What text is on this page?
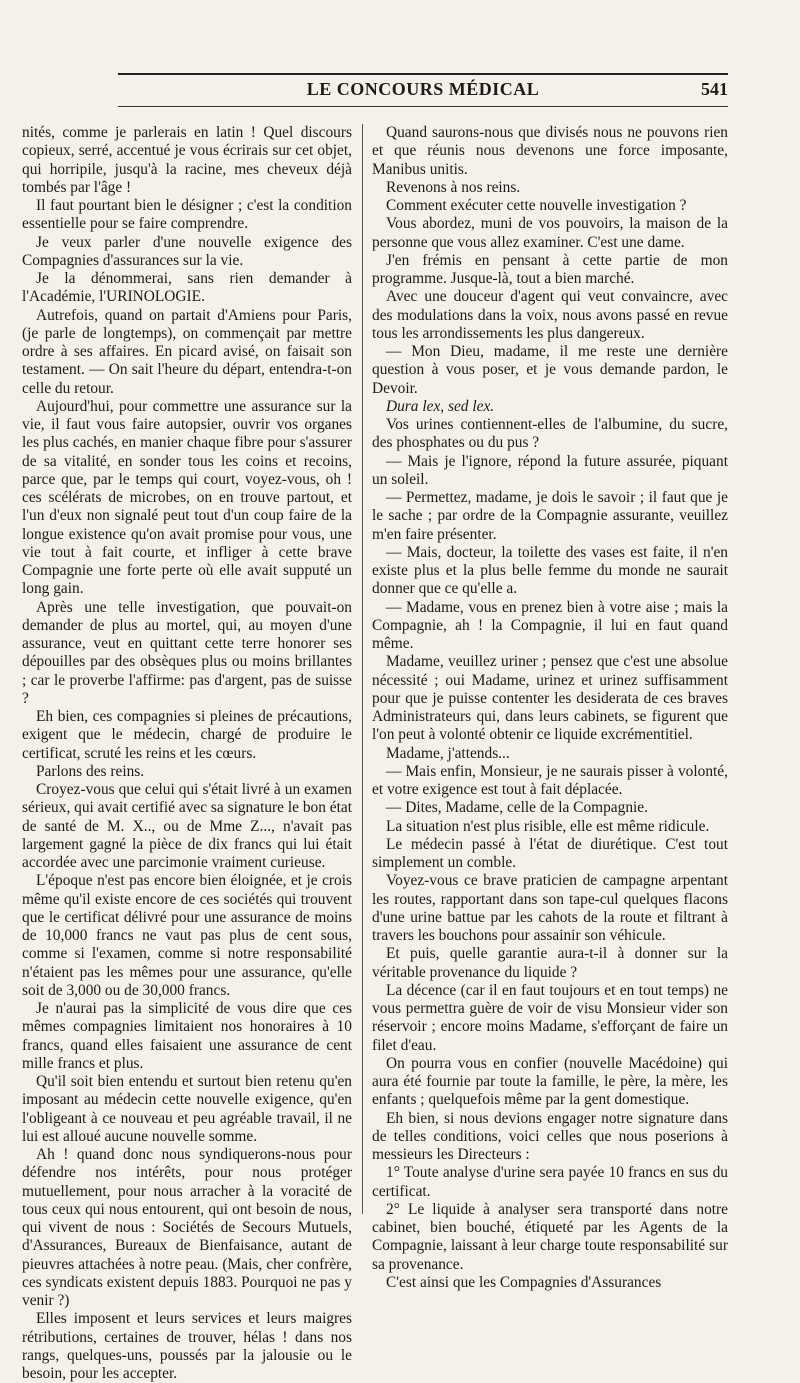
LE CONCOURS MÉDICAL	541

nités, comme je parlerais en latin ! Quel discours copieux, serré, accentué je vous écrirais sur cet objet, qui horripile, jusqu'à la racine, mes cheveux déjà tombés par l'âge !

Il faut pourtant bien le désigner ; c'est la condition essentielle pour se faire comprendre.

Je veux parler d'une nouvelle exigence des Compagnies d'assurances sur la vie.

Je la dénommerai, sans rien demander à l'Académie, l'URINOLOGIE.

Autrefois, quand on partait d'Amiens pour Paris, (je parle de longtemps), on commençait par mettre ordre à ses affaires. En picard avisé, on faisait son testament. — On sait l'heure du départ, entendra-t-on celle du retour.

Aujourd'hui, pour commettre une assurance sur la vie, il faut vous faire autopsier, ouvrir vos organes les plus cachés, en manier chaque fibre pour s'assurer de sa vitalité, en sonder tous les coins et recoins, parce que, par le temps qui court, voyez-vous, oh ! ces scélérats de microbes, on en trouve partout, et l'un d'eux non signalé peut tout d'un coup faire de la longue existence qu'on avait promise pour vous, une vie tout à fait courte, et infliger à cette brave Compagnie une forte perte où elle avait supputé un long gain.

Après une telle investigation, que pouvait-on demander de plus au mortel, qui, au moyen d'une assurance, veut en quittant cette terre honorer ses dépouilles par des obsèques plus ou moins brillantes ; car le proverbe l'affirme: pas d'argent, pas de suisse ?

Eh bien, ces compagnies si pleines de précautions, exigent que le médecin, chargé de produire le certificat, scruté les reins et les cœurs.

Parlons des reins.

Croyez-vous que celui qui s'était livré à un examen sérieux, qui avait certifié avec sa signature le bon état de santé de M. X.., ou de Mme Z..., n'avait pas largement gagné la pièce de dix francs qui lui était accordée avec une parcimonie vraiment curieuse.

L'époque n'est pas encore bien éloignée, et je crois même qu'il existe encore de ces sociétés qui trouvent que le certificat délivré pour une assurance de moins de 10,000 francs ne vaut pas plus de cent sous, comme si l'examen, comme si notre responsabilité n'étaient pas les mêmes pour une assurance, qu'elle soit de 3,000 ou de 30,000 francs.

Je n'aurai pas la simplicité de vous dire que ces mêmes compagnies limitaient nos honoraires à 10 francs, quand elles faisaient une assurance de cent mille francs et plus.

Qu'il soit bien entendu et surtout bien retenu qu'en imposant au médecin cette nouvelle exigence, qu'en l'obligeant à ce nouveau et peu agréable travail, il ne lui est alloué aucune nouvelle somme.

Ah ! quand donc nous syndiquerons-nous pour défendre nos intérêts, pour nous protéger mutuellement, pour nous arracher à la voracité de tous ceux qui nous entourent, qui ont besoin de nous, qui vivent de nous : Sociétés de Secours Mutuels, d'Assurances, Bureaux de Bienfaisance, autant de pieuvres attachées à notre peau. (Mais, cher confrère, ces syndicats existent depuis 1883. Pourquoi ne pas y venir ?)

Elles imposent et leurs services et leurs maigres rétributions, certaines de trouver, hélas ! dans nos rangs, quelques-uns, poussés par la jalousie ou le besoin, pour les accepter.

Quand saurons-nous que divisés nous ne pouvons rien et que réunis nous devenons une force imposante, Manibus unitis.

Revenons à nos reins.

Comment exécuter cette nouvelle investigation ?

Vous abordez, muni de vos pouvoirs, la maison de la personne que vous allez examiner. C'est une dame.

J'en frémis en pensant à cette partie de mon programme. Jusque-là, tout a bien marché.

Avec une douceur d'agent qui veut convaincre, avec des modulations dans la voix, nous avons passé en revue tous les arrondissements les plus dangereux.

— Mon Dieu, madame, il me reste une dernière question à vous poser, et je vous demande pardon, le Devoir.

Dura lex, sed lex.

Vos urines contiennent-elles de l'albumine, du sucre, des phosphates ou du pus ?

— Mais je l'ignore, répond la future assurée, piquant un soleil.

— Permettez, madame, je dois le savoir ; il faut que je le sache ; par ordre de la Compagnie assurante, veuillez m'en faire présenter.

— Mais, docteur, la toilette des vases est faite, il n'en existe plus et la plus belle femme du monde ne saurait donner que ce qu'elle a.

— Madame, vous en prenez bien à votre aise ; mais la Compagnie, ah ! la Compagnie, il lui en faut quand même.

Madame, veuillez uriner ; pensez que c'est une absolue nécessité ; oui Madame, urinez et urinez suffisamment pour que je puisse contenter les desiderata de ces braves Administrateurs qui, dans leurs cabinets, se figurent que l'on peut à volonté obtenir ce liquide excrémentitiel.

Madame, j'attends...

— Mais enfin, Monsieur, je ne saurais pisser à volonté, et votre exigence est tout à fait déplacée.

— Dites, Madame, celle de la Compagnie.

La situation n'est plus risible, elle est même ridicule.

Le médecin passé à l'état de diurétique. C'est tout simplement un comble.

Voyez-vous ce brave praticien de campagne arpentant les routes, rapportant dans son tape-cul quelques flacons d'une urine battue par les cahots de la route et filtrant à travers les bouchons pour assainir son véhicule.

Et puis, quelle garantie aura-t-il à donner sur la véritable provenance du liquide ?

La décence (car il en faut toujours et en tout temps) ne vous permettra guère de voir de visu Monsieur vider son réservoir ; encore moins Madame, s'efforçant de faire un filet d'eau.

On pourra vous en confier (nouvelle Macédoine) qui aura été fournie par toute la famille, le père, la mère, les enfants ; quelquefois même par la gent domestique.

Eh bien, si nous devions engager notre signature dans de telles conditions, voici celles que nous poserions à messieurs les Directeurs :

1° Toute analyse d'urine sera payée 10 francs en sus du certificat.

2° Le liquide à analyser sera transporté dans notre cabinet, bien bouché, étiqueté par les Agents de la Compagnie, laissant à leur charge toute responsabilité sur sa provenance.

C'est ainsi que les Compagnies d'Assurances
